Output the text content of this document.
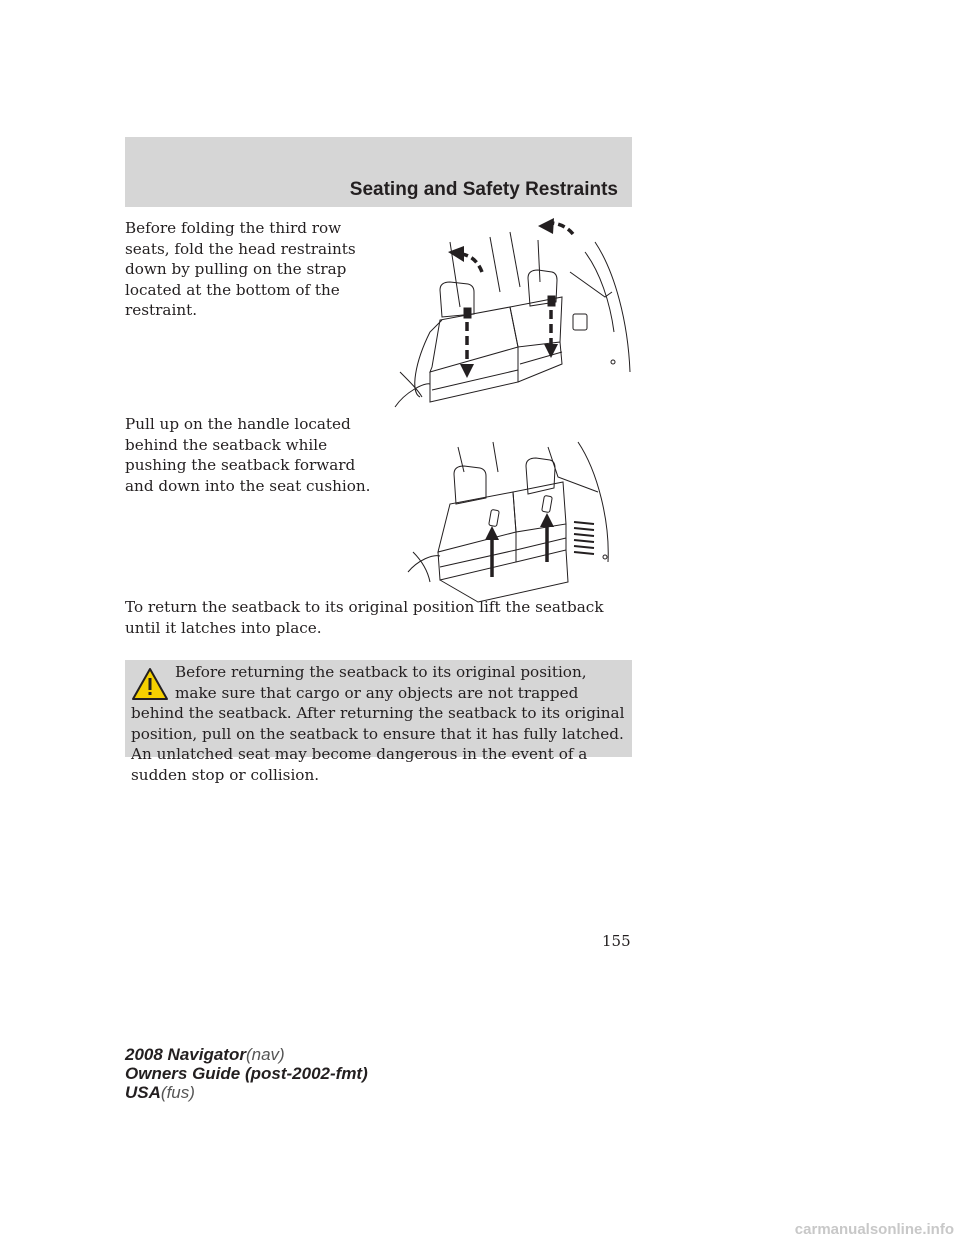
Seating and Safety Restraints

Before folding the third row seats, fold the head restraints down by pulling on the strap located at the bottom of the restraint.

Pull up on the handle located behind the seatback while pushing the seatback forward and down into the seat cushion.

To return the seatback to its original position lift the seatback until it latches into place.

Before returning the seatback to its original position, make sure that cargo or any objects are not trapped behind the seatback. After returning the seatback to its original position, pull on the seatback to ensure that it has fully latched. An unlatched seat may become dangerous in the event of a sudden stop or collision.

155
2008 Navigator(nav)
Owners Guide (post-2002-fmt)
USA(fus)
carmanualsonline.info
